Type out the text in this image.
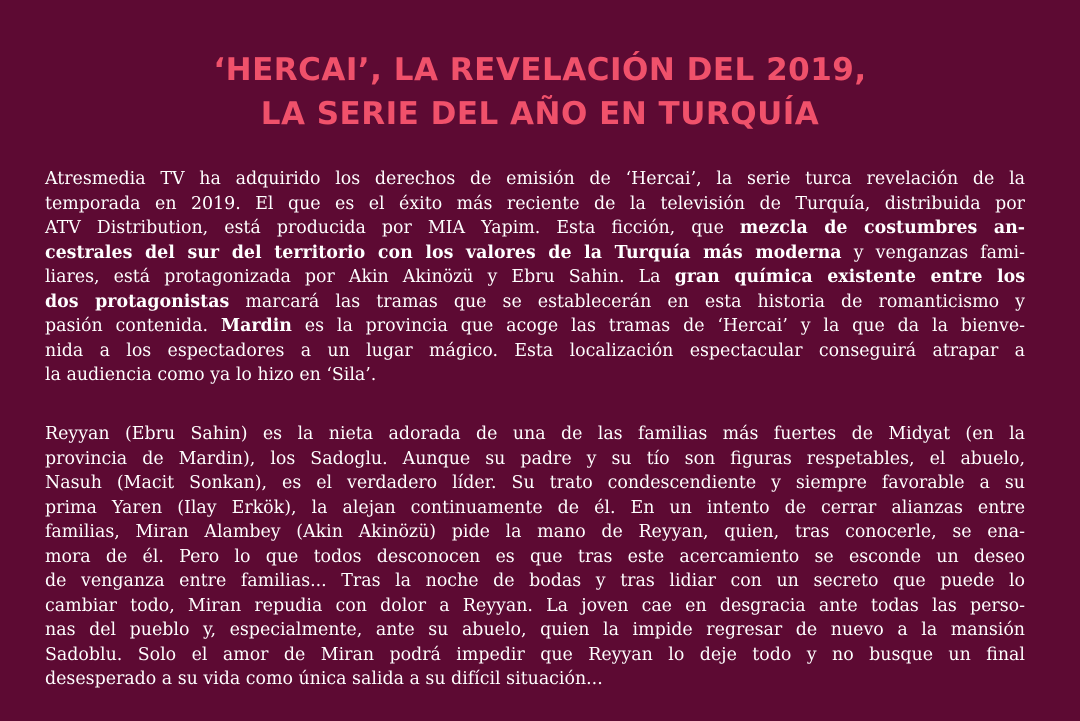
‘HERCAI’, LA REVELACIÓN DEL 2019,
LA SERIE DEL AÑO EN TURQUÍA
Atresmedia TV ha adquirido los derechos de emisión de ‘Hercai’, la serie turca revelación de la
temporada en 2019. El que es el éxito más reciente de la televisión de Turquía, distribuida por
ATV Distribution, está producida por MIA Yapim. Esta ficción, que mezcla de costumbres an-
cestrales del sur del territorio con los valores de la Turquía más moderna y venganzas fami-
liares, está protagonizada por Akin Akinözü y Ebru Sahin. La gran química existente entre los
dos protagonistas marcará las tramas que se establecerán en esta historia de romanticismo y
pasión contenida. Mardin es la provincia que acoge las tramas de ‘Hercai’ y la que da la bienve-
nida a los espectadores a un lugar mágico. Esta localización espectacular conseguirá atrapar a
la audiencia como ya lo hizo en ‘Sila’.
Reyyan (Ebru Sahin) es la nieta adorada de una de las familias más fuertes de Midyat (en la
provincia de Mardin), los Sadoglu. Aunque su padre y su tío son figuras respetables, el abuelo,
Nasuh (Macit Sonkan), es el verdadero líder. Su trato condescendiente y siempre favorable a su
prima Yaren (Ilay Erkök), la alejan continuamente de él. En un intento de cerrar alianzas entre
familias, Miran Alambey (Akin Akinözü) pide la mano de Reyyan, quien, tras conocerle, se ena-
mora de él. Pero lo que todos desconocen es que tras este acercamiento se esconde un deseo
de venganza entre familias... Tras la noche de bodas y tras lidiar con un secreto que puede lo
cambiar todo, Miran repudia con dolor a Reyyan. La joven cae en desgracia ante todas las perso-
nas del pueblo y, especialmente, ante su abuelo, quien la impide regresar de nuevo a la mansión
Sadoblu. Solo el amor de Miran podrá impedir que Reyyan lo deje todo y no busque un final
desesperado a su vida como única salida a su difícil situación...
